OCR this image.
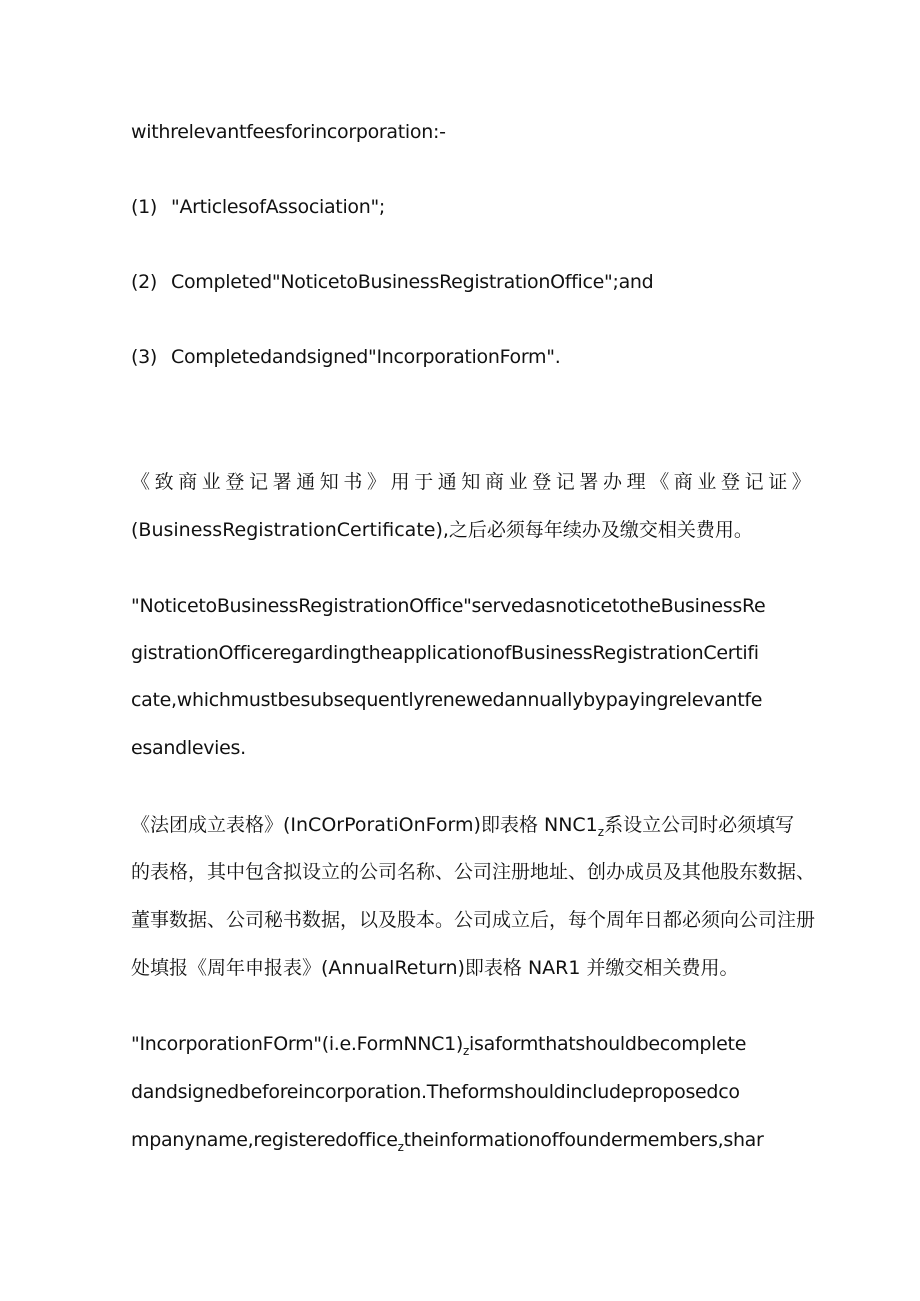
withrelevantfeesforincorporation:-
(1) "ArticlesofAssociation";
(2) Completed"NoticetoBusinessRegistrationOffice";and
(3) Completedandsigned"IncorporationForm".
《致商业登记署通知书》用于通知商业登记署办理《商业登记证》
(BusinessRegistrationCertificate),之后必须每年续办及缴交相关费用。
"NoticetoBusinessRegistrationOffice"servedasnoticetotheBusinessRe
gistrationOfficeregardingtheapplicationofBusinessRegistrationCertifi
cate,whichmustbesubsequentlyrenewedannuallybypayingrelevantfe
esandlevies.
《法团成立表格》(InCOrPoratiOnForm)即表格 $NNC1_z$系设立公司时必须填写
的表格，其中包含拟设立的公司名称、公司注册地址、创办成员及其他股东数据、
董事数据、公司秘书数据，以及股本。公司成立后，每个周年日都必须向公司注册
处填报《周年申报表》(AnnualReturn)即表格 NAR1 并缴交相关费用。
"$IncorporationFOrm"(i.e.FormNNC1)_zisaformthatshouldbecomplete$
dandsignedbeforeincorporation.Theformshouldincludeproposedco
mpanyname,registeredoffice$_z$theinformationoffoundermembers,shar
